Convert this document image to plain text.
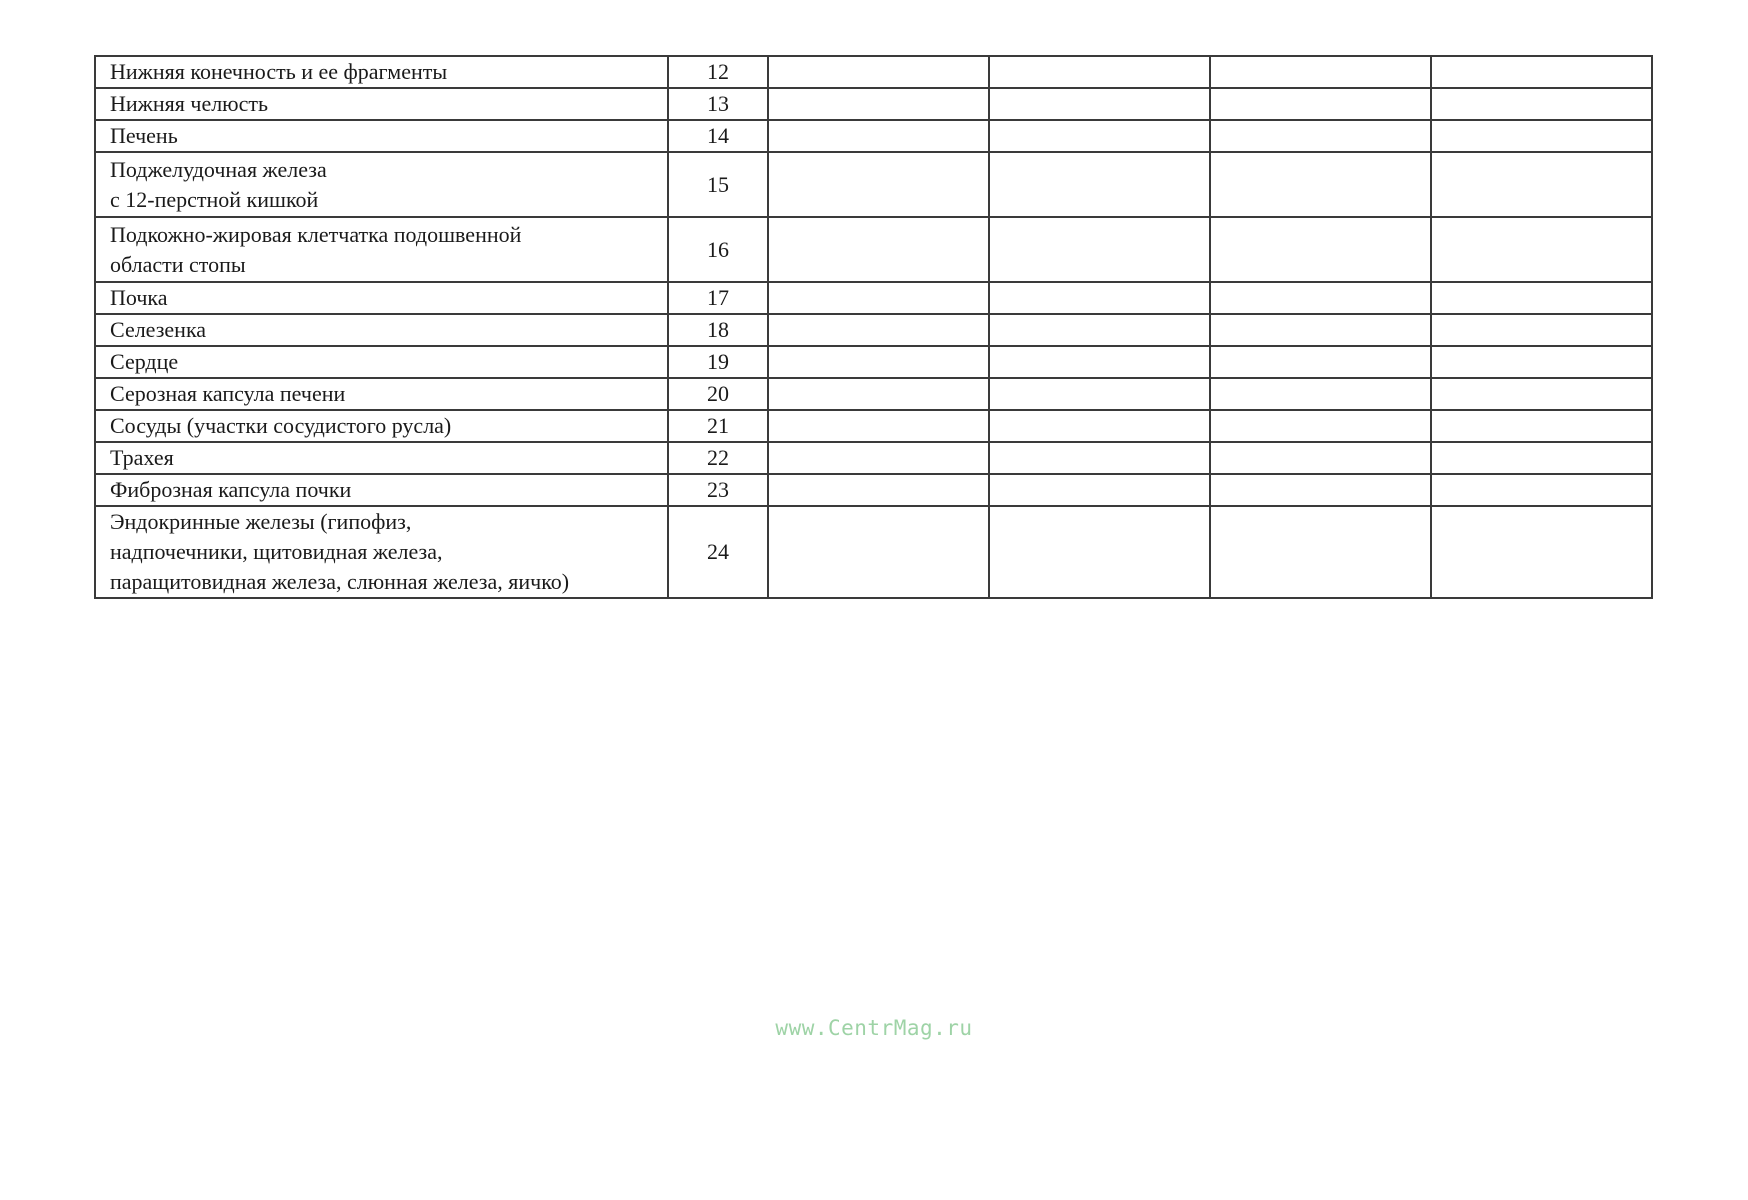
Нижняя конечность и ее фрагменты	12				

Нижняя челюсть	13				

Печень	14				

Поджелудочная железа
с 12-перстной кишкой	15				

Подкожно-жировая клетчатка подошвенной
области стопы	16				

Почка	17				

Селезенка	18				

Сердце	19				

Серозная капсула печени	20				

Сосуды (участки сосудистого русла)	21				

Трахея	22				

Фиброзная капсула почки	23				

Эндокринные железы (гипофиз,
надпочечники, щитовидная железа,
паращитовидная железа, слюнная железа, яичко)	24				
www.CentrMag.ru
